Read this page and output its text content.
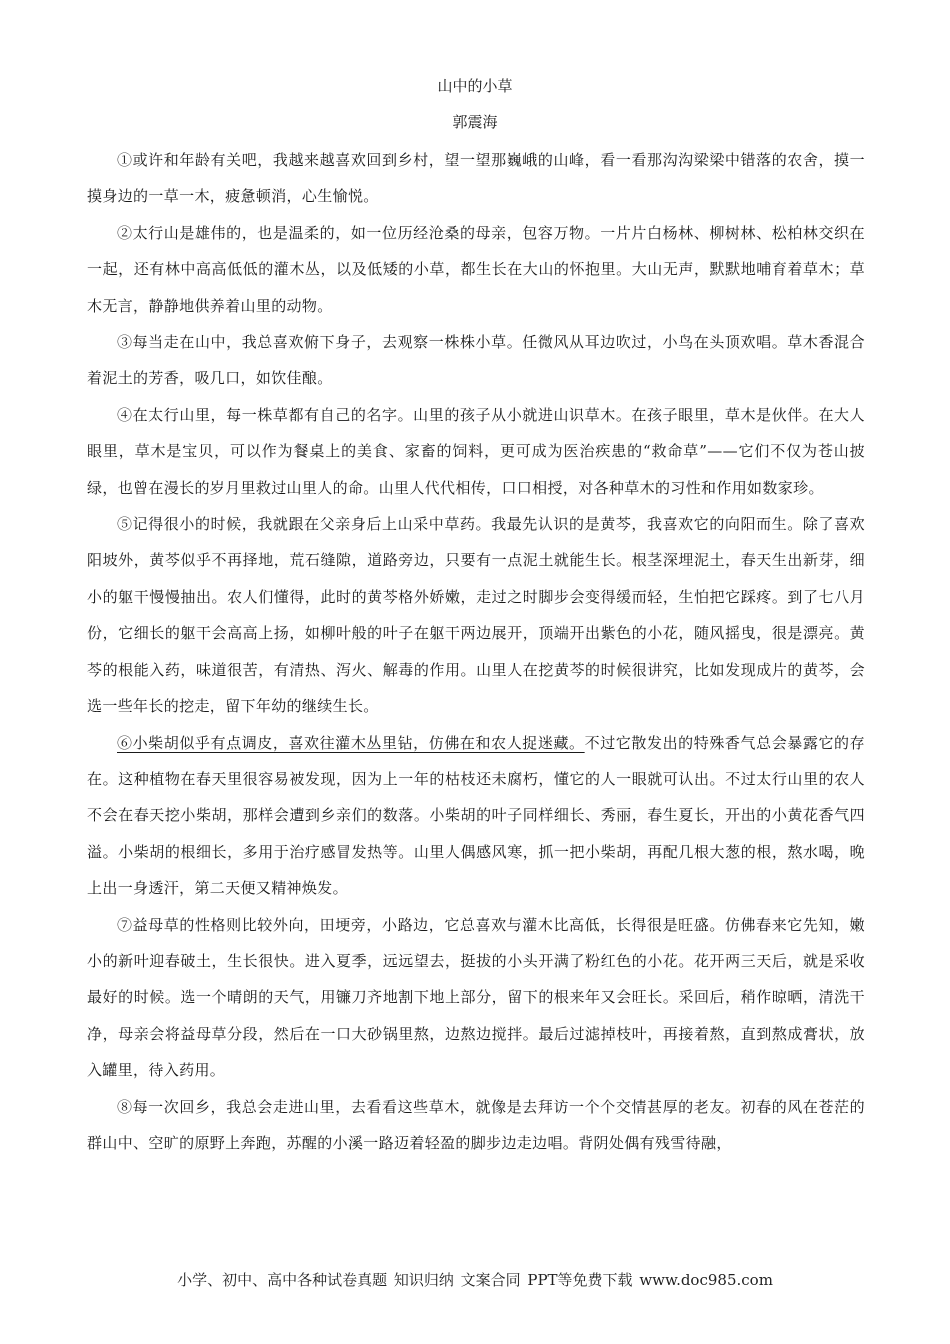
山中的小草
郭震海

①或许和年龄有关吧，我越来越喜欢回到乡村，望一望那巍峨的山峰，看一看那沟沟梁梁中错落的农舍，摸一摸身边的一草一木，疲惫顿消，心生愉悦。

②太行山是雄伟的，也是温柔的，如一位历经沧桑的母亲，包容万物。一片片白杨林、柳树林、松柏林交织在一起，还有林中高高低低的灌木丛，以及低矮的小草，都生长在大山的怀抱里。大山无声，默默地哺育着草木；草木无言，静静地供养着山里的动物。

③每当走在山中，我总喜欢俯下身子，去观察一株株小草。任微风从耳边吹过，小鸟在头顶欢唱。草木香混合着泥土的芳香，吸几口，如饮佳酿。

④在太行山里，每一株草都有自己的名字。山里的孩子从小就进山识草木。在孩子眼里，草木是伙伴。在大人眼里，草木是宝贝，可以作为餐桌上的美食、家畜的饲料，更可成为医治疾患的“救命草”——它们不仅为苍山披绿，也曾在漫长的岁月里救过山里人的命。山里人代代相传，口口相授，对各种草木的习性和作用如数家珍。

⑤记得很小的时候，我就跟在父亲身后上山采中草药。我最先认识的是黄芩，我喜欢它的向阳而生。除了喜欢阳坡外，黄芩似乎不再择地，荒石缝隙，道路旁边，只要有一点泥土就能生长。根茎深埋泥土，春天生出新芽，细小的躯干慢慢抽出。农人们懂得，此时的黄芩格外娇嫩，走过之时脚步会变得缓而轻，生怕把它踩疼。到了七八月份，它细长的躯干会高高上扬，如柳叶般的叶子在躯干两边展开，顶端开出紫色的小花，随风摇曳，很是漂亮。黄芩的根能入药，味道很苦，有清热、泻火、解毒的作用。山里人在挖黄芩的时候很讲究，比如发现成片的黄芩，会选一些年长的挖走，留下年幼的继续生长。

⑥小柴胡似乎有点调皮，喜欢往灌木丛里钻，仿佛在和农人捉迷藏。不过它散发出的特殊香气总会暴露它的存在。这种植物在春天里很容易被发现，因为上一年的枯枝还未腐朽，懂它的人一眼就可认出。不过太行山里的农人不会在春天挖小柴胡，那样会遭到乡亲们的数落。小柴胡的叶子同样细长、秀丽，春生夏长，开出的小黄花香气四溢。小柴胡的根细长，多用于治疗感冒发热等。山里人偶感风寒，抓一把小柴胡，再配几根大葱的根，熬水喝，晚上出一身透汗，第二天便又精神焕发。

⑦益母草的性格则比较外向，田埂旁，小路边，它总喜欢与灌木比高低，长得很是旺盛。仿佛春来它先知，嫩小的新叶迎春破土，生长很快。进入夏季，远远望去，挺拔的小头开满了粉红色的小花。花开两三天后，就是采收最好的时候。选一个晴朗的天气，用镰刀齐地割下地上部分，留下的根来年又会旺长。采回后，稍作晾晒，清洗干净，母亲会将益母草分段，然后在一口大砂锅里熬，边熬边搅拌。最后过滤掉枝叶，再接着熬，直到熬成膏状，放入罐里，待入药用。

⑧每一次回乡，我总会走进山里，去看看这些草木，就像是去拜访一个个交情甚厚的老友。初春的风在苍茫的群山中、空旷的原野上奔跑，苏醒的小溪一路迈着轻盈的脚步边走边唱。背阴处偶有残雪待融，

小学、初中、高中各种试卷真题 知识归纳 文案合同 PPT等免费下载 www.doc985.com
